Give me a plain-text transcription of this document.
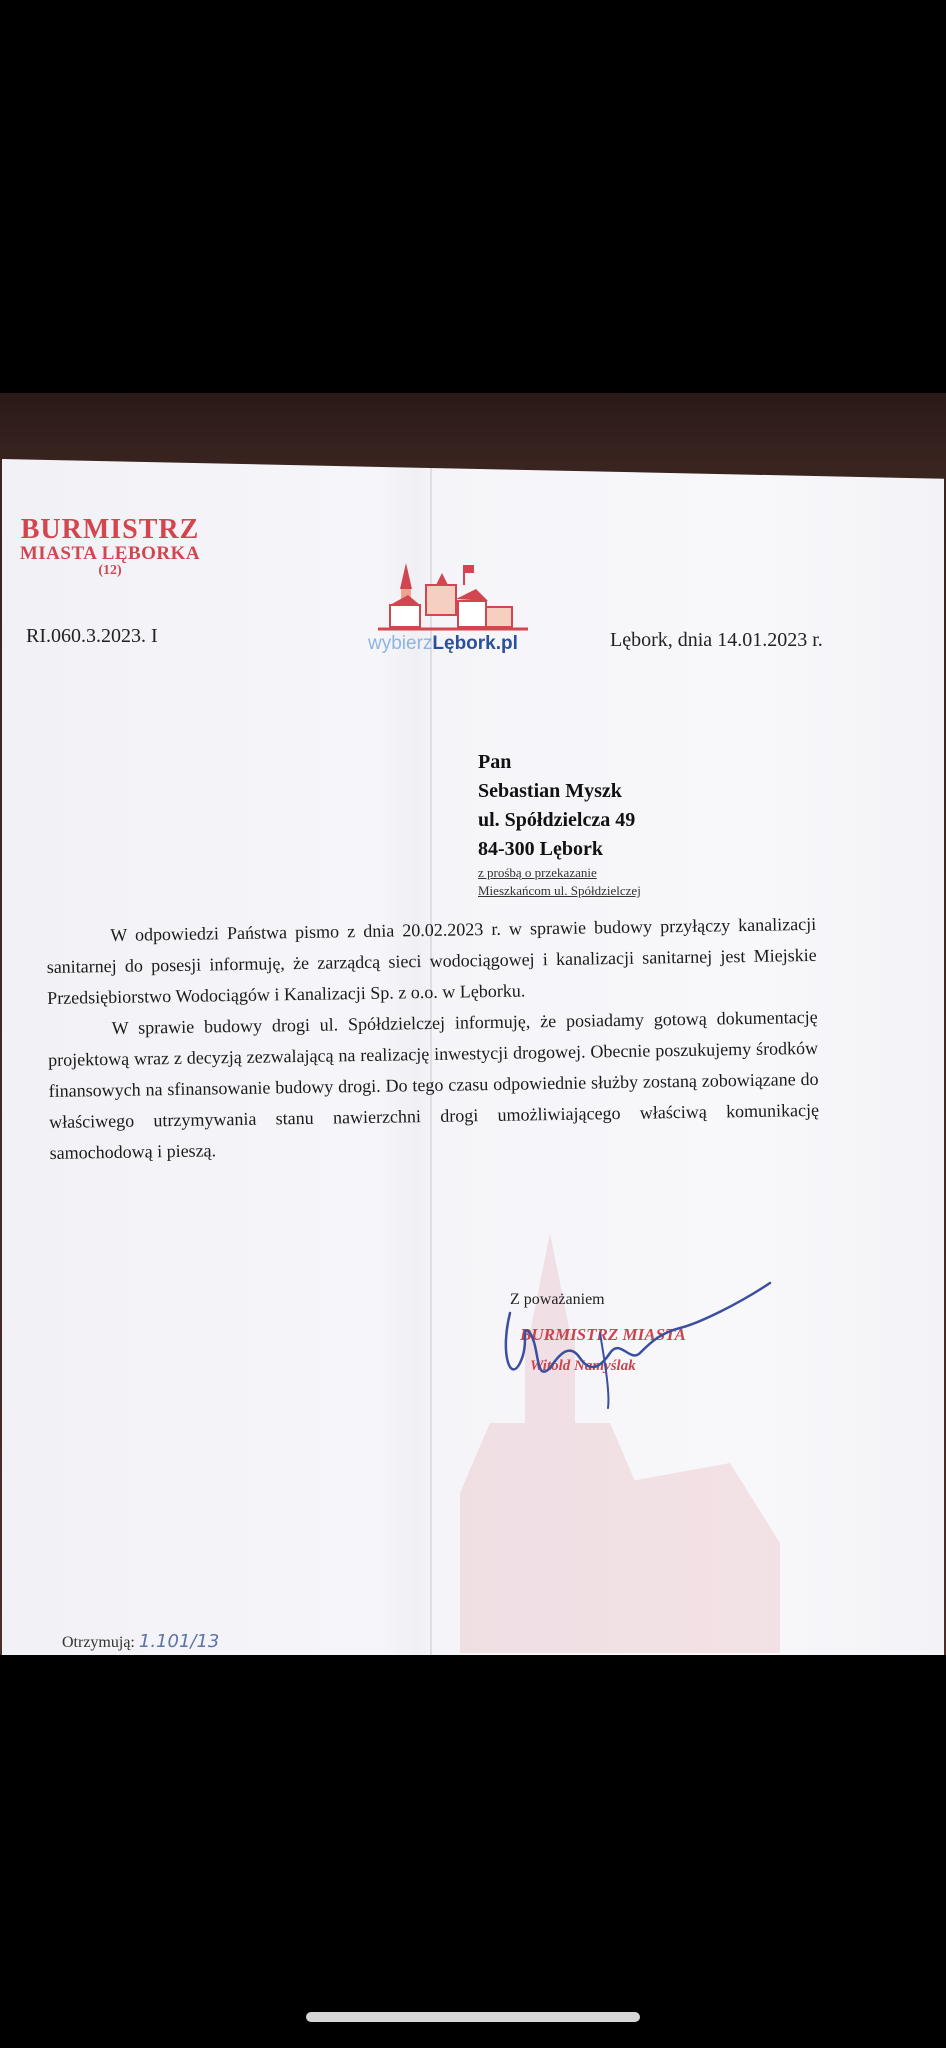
BURMISTRZ
MIASTA LĘBORKA
(12)
RI.060.3.2023. I	wybierzLębork.pl	Lębork, dnia 14.01.2023 r.
Pan
Sebastian Myszk
ul. Spółdzielcza 49
84-300 Lębork
z prośbą o przekazanie
Mieszkańcom ul. Spółdzielczej

W odpowiedzi Państwa pismo z dnia 20.02.2023 r. w sprawie budowy przyłączy kanalizacji sanitarnej do posesji informuję, że zarządcą sieci wodociągowej i kanalizacji sanitarnej jest Miejskie Przedsiębiorstwo Wodociągów i Kanalizacji Sp. z o.o. w Lęborku.

W sprawie budowy drogi ul. Spółdzielczej informuję, że posiadamy gotową dokumentację projektową wraz z decyzją zezwalającą na realizację inwestycji drogowej. Obecnie poszukujemy środków finansowych na sfinansowanie budowy drogi. Do tego czasu odpowiednie służby zostaną zobowiązane do właściwego utrzymywania stanu nawierzchni drogi umożliwiającego właściwą komunikację samochodową i pieszą.

Z poważaniem
BURMISTRZ MIASTA
Witold Namyślak
Otrzymują: 1.101/13
